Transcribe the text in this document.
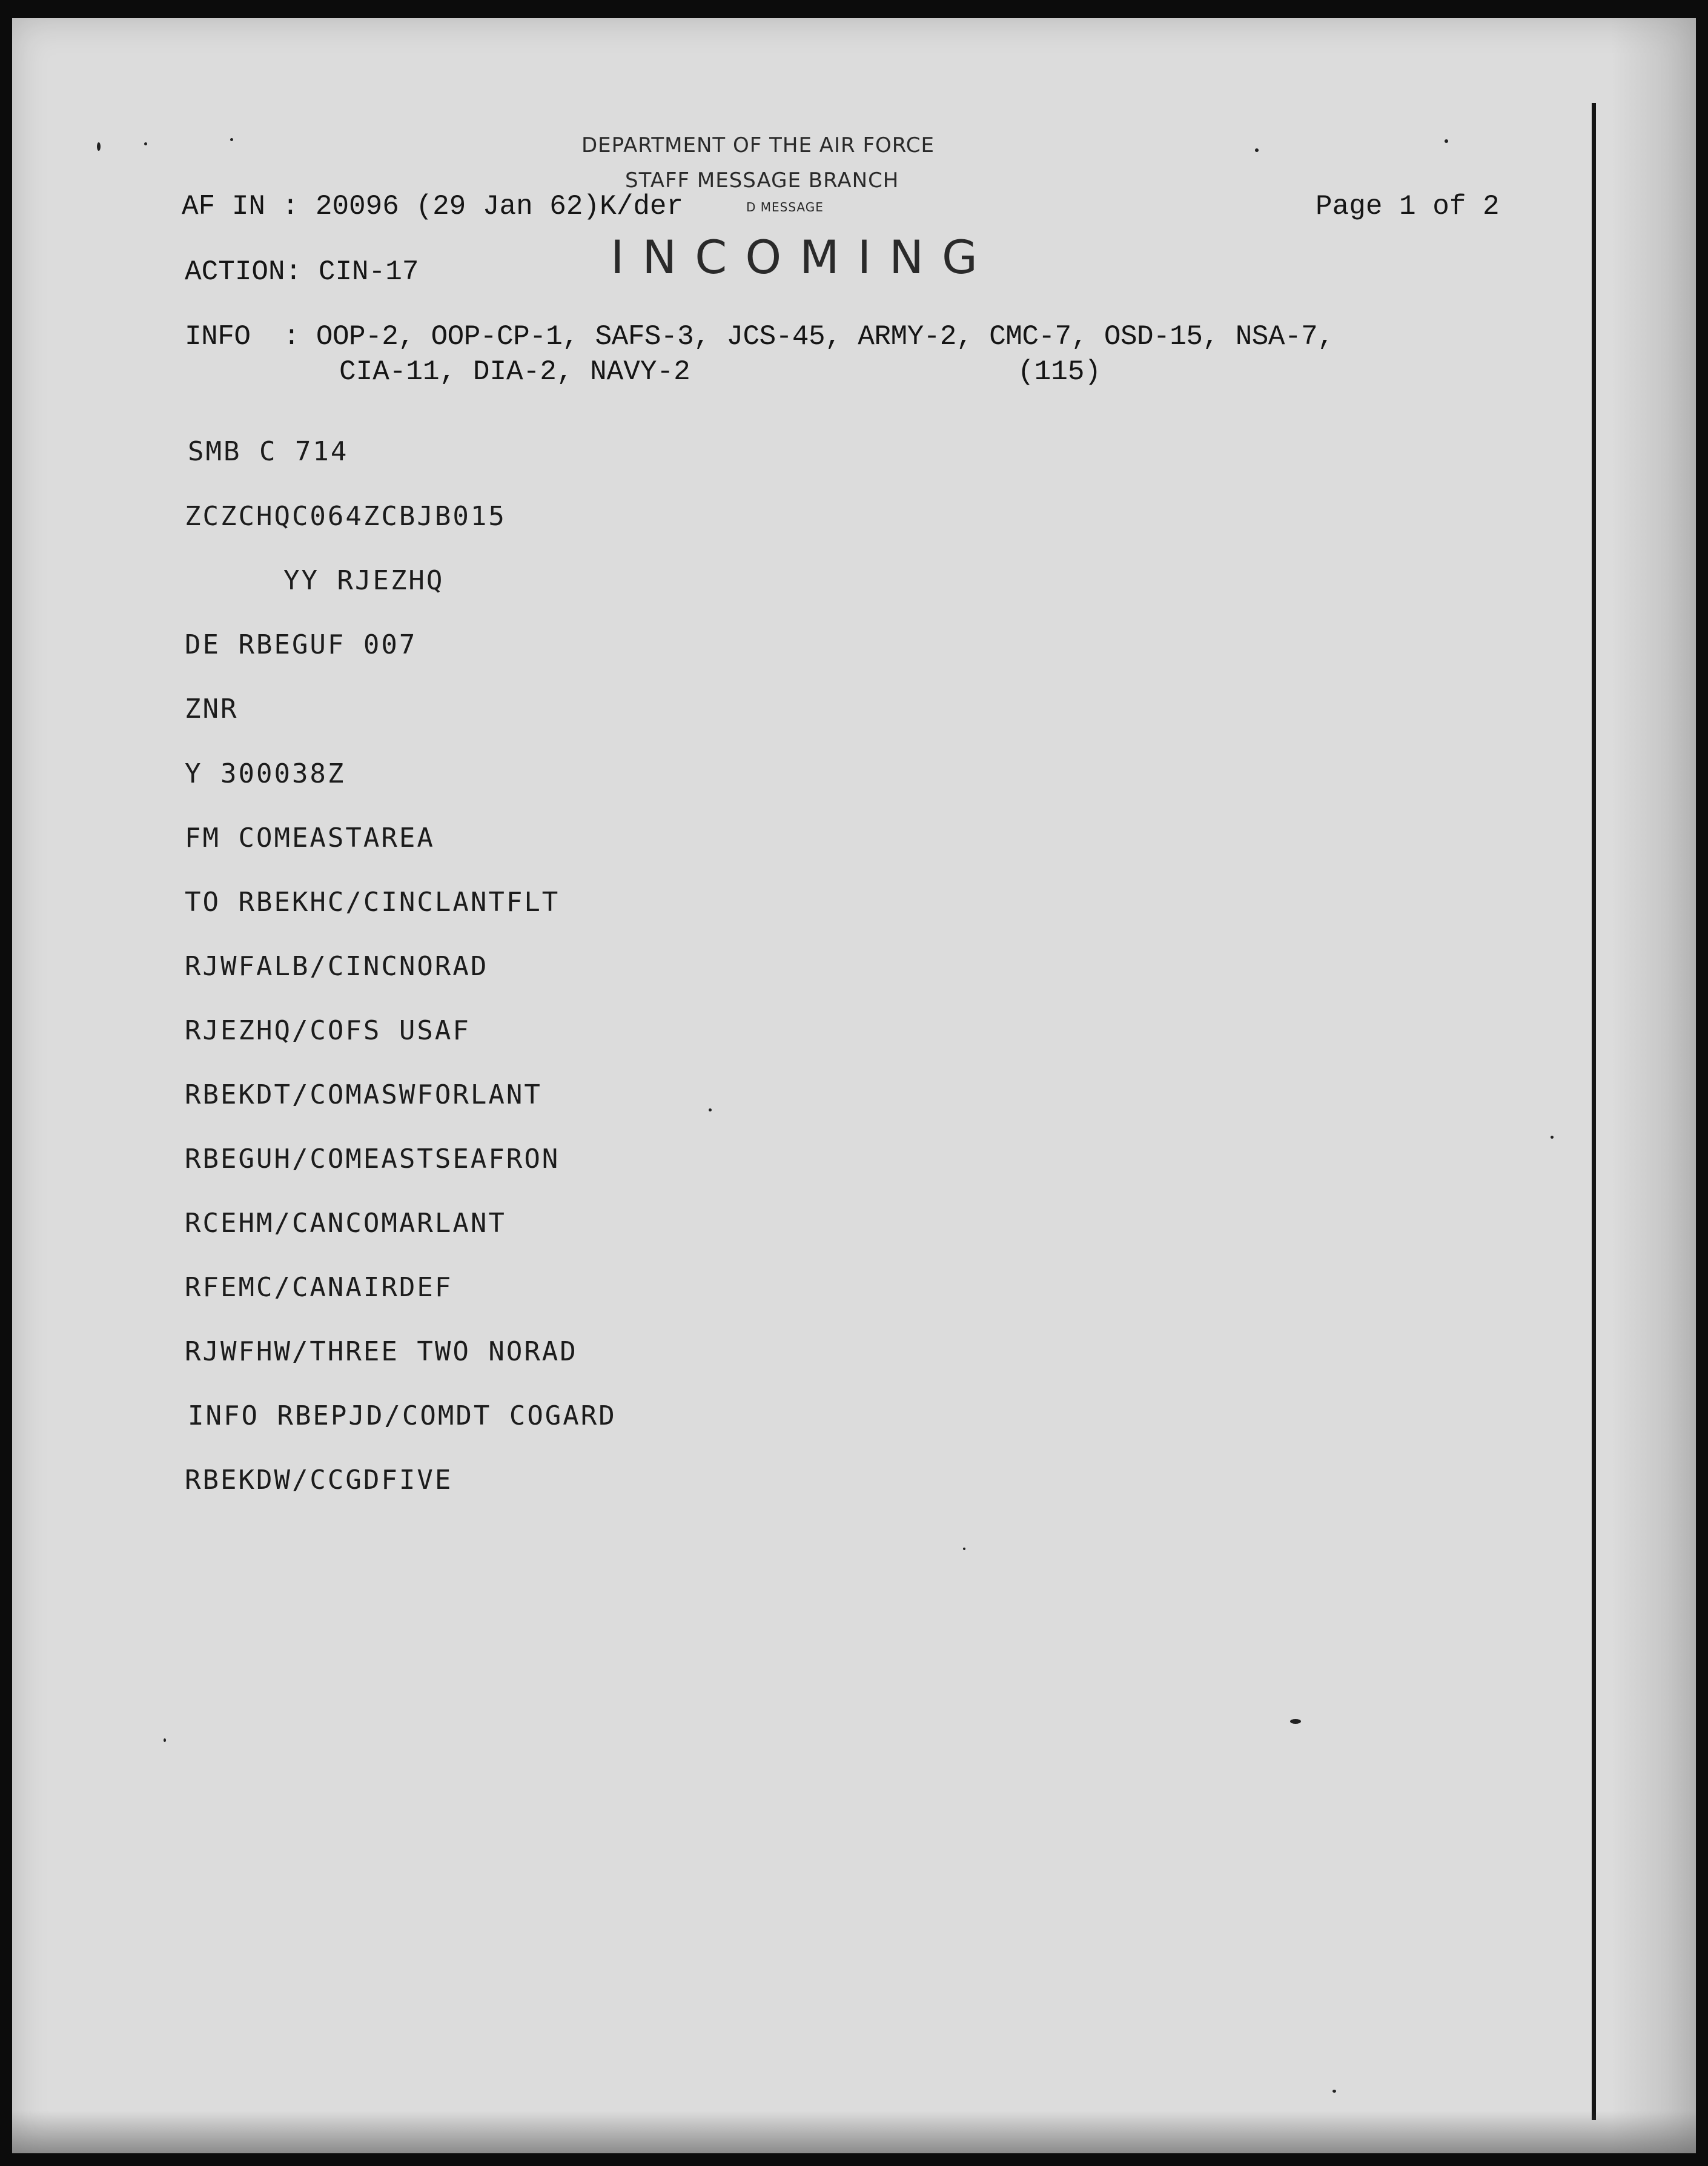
DEPARTMENT OF THE AIR FORCE
STAFF MESSAGE BRANCH
D MESSAGE
INCOMING
AF IN : 20096 (29 Jan 62)K/der	Page 1 of 2
ACTION: CIN-17
INFO  : OOP-2, OOP-CP-1, SAFS-3, JCS-45, ARMY-2, CMC-7, OSD-15, NSA-7,
CIA-11, DIA-2, NAVY-2	(115)
SMB C 714
ZCZCHQC064ZCBJB015
YY RJEZHQ
DE RBEGUF 007
ZNR
Y 300038Z
FM COMEASTAREA
TO RBEKHC/CINCLANTFLT
RJWFALB/CINCNORAD
RJEZHQ/COFS USAF
RBEKDT/COMASWFORLANT
RBEGUH/COMEASTSEAFRON
RCEHM/CANCOMARLANT
RFEMC/CANAIRDEF
RJWFHW/THREE TWO NORAD
INFO RBEPJD/COMDT COGARD
RBEKDW/CCGDFIVE
